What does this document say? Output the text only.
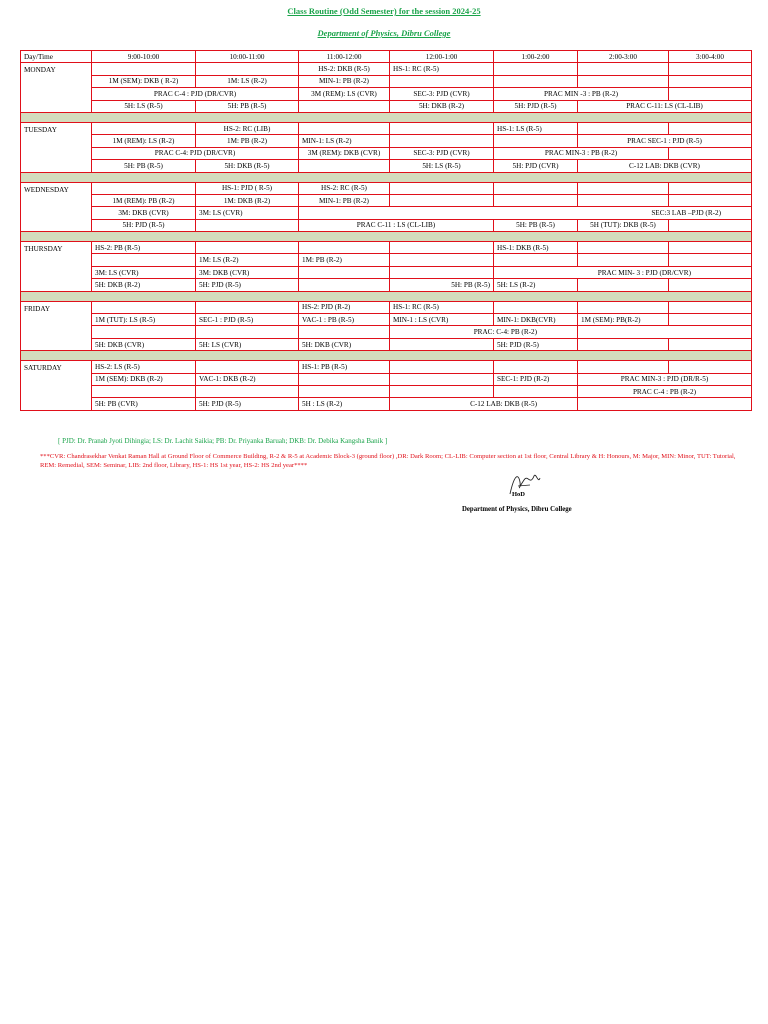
Class Routine (Odd Semester) for the session 2024-25
Department of Physics, Dibru College
Day/Time	9:00-10:00	10:00-11:00	11:00-12:00	12:00-1:00	1:00-2:00	2:00-3:00	3:00-4:00
MONDAY			HS-2: DKB (R-5)	HS-1: RC (R-5)			
	1M (SEM): DKB ( R-2)	1M: LS (R-2)	MIN-1: PB (R-2)				
	PRAC C-4 : PJD (DR/CVR)		3M (REM): LS (CVR)	SEC-3: PJD (CVR)	PRAC MIN -3 : PB (R-2)		
	5H: LS (R-5)	5H: PB (R-5)		5H: DKB (R-2)	5H: PJD (R-5)	PRAC C-11: LS (CL-LIB)	

TUESDAY		HS-2: RC (LIB)			HS-1: LS (R-5)		
	1M (REM): LS (R-2)	1M: PB (R-2)	MIN-1: LS (R-2)			PRAC SEC-1 : PJD (R-5)	
	PRAC C-4: PJD (DR/CVR)		3M (REM): DKB (CVR)	SEC-3: PJD (CVR)	PRAC MIN-3 : PB (R-2)		
	5H: PB (R-5)	5H: DKB (R-5)		5H: LS (R-5)	5H: PJD (CVR)	C-12 LAB: DKB (CVR)	

WEDNESDAY		HS-1: PJD ( R-5)	HS-2: RC (R-5)				
	1M (REM): PB (R-2)	1M: DKB (R-2)	MIN-1: PB (R-2)				
	3M: DKB (CVR)	3M: LS (CVR)	SEC:3 LAB –PJD (R-2)				
	5H: PJD (R-5)		PRAC C-11 : LS (CL-LIB)		5H: PB (R-5)	5H (TUT): DKB (R-5)	

THURSDAY	HS-2: PB (R-5)				HS-1: DKB (R-5)		
		1M: LS (R-2)	1M: PB (R-2)				
	3M: LS (CVR)	3M: DKB (CVR)			PRAC MIN- 3 : PJD (DR/CVR)		
	5H: DKB (R-2)	5H: PJD (R-5)		5H: PB (R-5)	5H: LS (R-2)		

FRIDAY			HS-2: PJD (R-2)	HS-1: RC (R-5)			
	1M (TUT): LS (R-5)	SEC-1 : PJD (R-5)	VAC-1 : PB (R-5)	MIN-1 : LS (CVR)	MIN-1: DKB(CVR)	1M (SEM): PB(R-2)	
				PRAC: C-4: PB (R-2)			
	5H: DKB (CVR)	5H: LS (CVR)	5H: DKB (CVR)		5H: PJD (R-5)		

SATURDAY	HS-2: LS (R-5)		HS-1: PB (R-5)				
	1M (SEM): DKB (R-2)	VAC-1: DKB (R-2)			SEC-1: PJD (R-2)	PRAC MIN-3 : PJD (DR/R-5)	
						PRAC C-4 : PB (R-2)	
	5H: PB (CVR)	5H: PJD (R-5)	5H : LS (R-2)	C-12 LAB: DKB (R-5)			
[ PJD: Dr. Pranab Jyoti Dihingia; LS: Dr. Lachit Saikia; PB: Dr. Priyanka Baruah; DKB: Dr. Debika Kangsha Banik ]
***CVR: Chandrasekhar Venkat Raman Hall at Ground Floor of Commerce Building, R-2 & R-5 at Academic Block-3 (ground floor) ,DR: Dark Room; CL-LIB: Computer section at 1st floor, Central Library & H: Honours, M: Major, MIN: Minor, TUT: Tutorial, REM: Remedial, SEM: Seminar, LIB: 2nd floor, Library, HS-1: HS 1st year, HS-2: HS 2nd year****
HoD
Department of Physics, Dibru College
